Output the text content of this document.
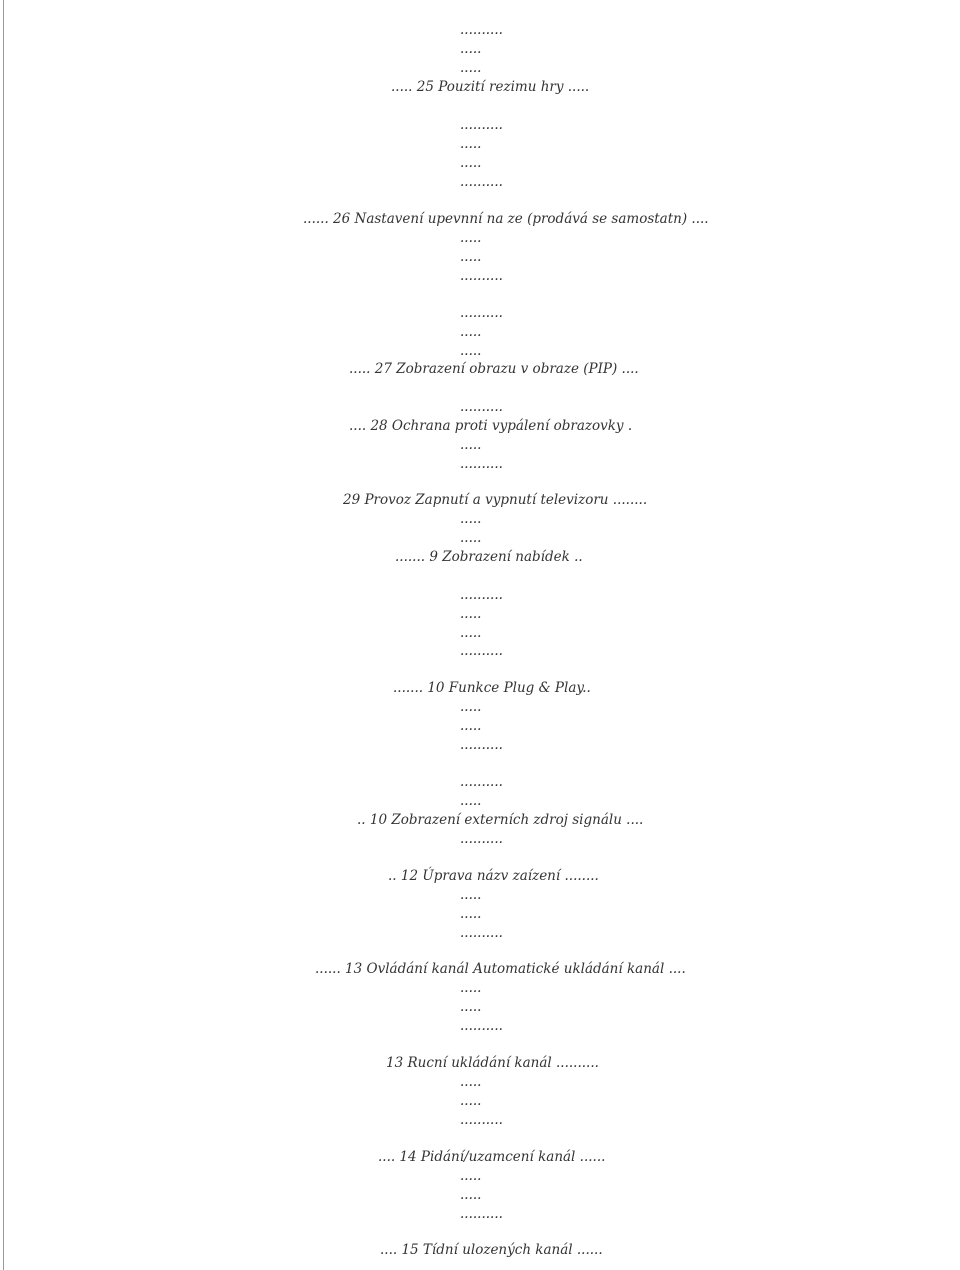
..........
.....
.....
..... 25 Pouzití rezimu hry .....
..........
.....
.....
..........
...... 26 Nastavení upevnní na ze (prodává se samostatn) ....
.....
.....
..........
..........
.....
.....
..... 27 Zobrazení obrazu v obraze (PIP) ....
..........
.... 28 Ochrana proti vypálení obrazovky .
.....
..........
29 Provoz Zapnutí a vypnutí televizoru ........
.....
.....
....... 9 Zobrazení nabídek ..
..........
.....
.....
..........
....... 10 Funkce Plug & Play..
.....
.....
..........
..........
.....
.. 10 Zobrazení externích zdroj signálu ....
..........
.. 12 Úprava názv zaízení ........
.....
.....
..........
...... 13 Ovládání kanál Automatické ukládání kanál ....
.....
.....
..........
13 Rucní ukládání kanál ..........
.....
.....
..........
.... 14 Pidání/uzamcení kanál ......
.....
.....
..........
.... 15 Tídní ulozených kanál ......
